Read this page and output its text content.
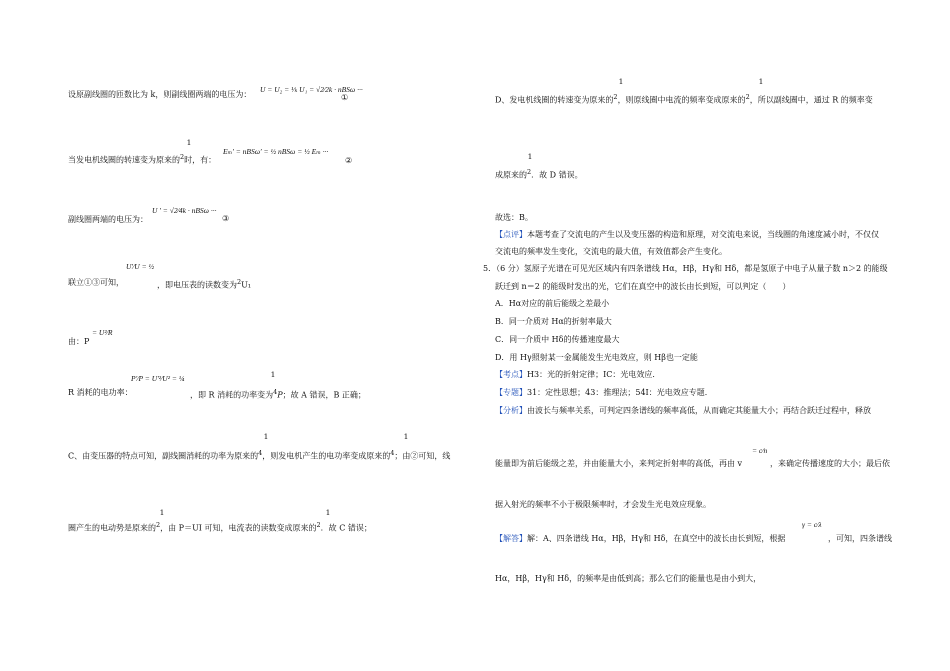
设原副线圈的匝数比为 k，则副线圈两端的电压为：
U = U₂ = ¹⁄ₖ U₁ = √2⁄2k · nBSω ···
①
1
当发电机线圈的转速变为原来的$^2$时，有：
Eₘ′ = nBSω′ = ½ nBSω = ½ Eₘ ···
②
副线圈两端的电压为：
U ′ = √2⁄4k · nBSω ···
③
联立①③可知，
U′⁄U = ½
，即电压表的读数变为$^2$U₁
由：P
= U²⁄R
1
R 消耗的电功率：
P′⁄P = U′²⁄U² = ¼
，即 R 消耗的功率变为$^4$P；故 A 错误，B 正确；
1	1
C、由变压器的特点可知，副线圈消耗的功率为原来的$^4$，则发电机产生的电功率变成原来的$^4$；由②可知，线
1	1
圈产生的电动势是原来的$^2$，由 P＝UI 可知，电流表的读数变成原来的$^2$．故 C 错误；
1	1
D、发电机线圈的转速变为原来的$^2$，则原线圈中电流的频率变成原来的$^2$，所以副线圈中，通过 R 的频率变
1
成原来的$^2$．故 D 错误。
故选：B。
【点评】本题考查了交流电的产生以及变压器的构造和原理，对交流电来说，当线圈的角速度减小时，不仅仅
交流电的频率发生变化，交流电的最大值，有效值都会产生变化。
5．（6 分）氢原子光谱在可见光区域内有四条谱线 Hα，Hβ，Hγ和 Hδ，都是氢原子中电子从量子数 n＞2 的能级
跃迁到 n＝2 的能级时发出的光，它们在真空中的波长由长到短，可以判定（　　）
A．Hα对应的前后能级之差最小
B．同一介质对 Hα的折射率最大
C．同一介质中 Hδ的传播速度最大
D．用 Hγ照射某一金属能发生光电效应，则 Hβ也一定能
【考点】H3：光的折射定律；IC：光电效应．
【专题】31：定性思想；43：推理法；54I：光电效应专题．
【分析】由波长与频率关系，可判定四条谱线的频率高低，从而确定其能量大小；再结合跃迁过程中，释放
能量即为前后能级之差，并由能量大小，来判定折射率的高低，再由 v
= c⁄n
，来确定传播速度的大小；最后依
据入射光的频率不小于极限频率时，才会发生光电效应现象。
【解答】解：A、四条谱线 Hα，Hβ，Hγ和 Hδ，在真空中的波长由长到短，根据
γ = c⁄λ
，可知，四条谱线
Hα，Hβ，Hγ和 Hδ，的频率是由低到高；那么它们的能量也是由小到大，
